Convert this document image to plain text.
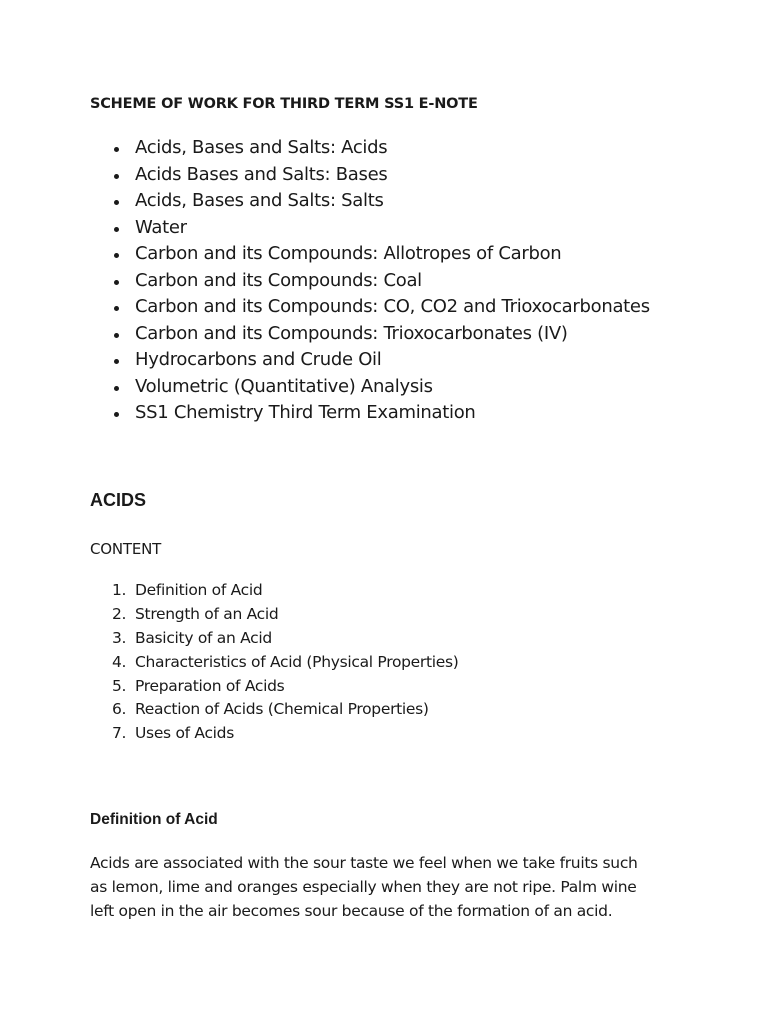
SCHEME OF WORK FOR THIRD TERM SS1 E-NOTE
Acids, Bases and Salts: Acids
Acids Bases and Salts: Bases
Acids, Bases and Salts: Salts
Water
Carbon and its Compounds: Allotropes of Carbon
Carbon and its Compounds: Coal
Carbon and its Compounds: CO, CO2 and Trioxocarbonates
Carbon and its Compounds: Trioxocarbonates (IV)
Hydrocarbons and Crude Oil
Volumetric (Quantitative) Analysis
SS1 Chemistry Third Term Examination
ACIDS

CONTENT

1. Definition of Acid
2. Strength of an Acid
3. Basicity of an Acid
4. Characteristics of Acid (Physical Properties)
5. Preparation of Acids
6. Reaction of Acids (Chemical Properties)
7. Uses of Acids
Definition of Acid

Acids are associated with the sour taste we feel when we take fruits such
as lemon, lime and oranges especially when they are not ripe. Palm wine
left open in the air becomes sour because of the formation of an acid.
